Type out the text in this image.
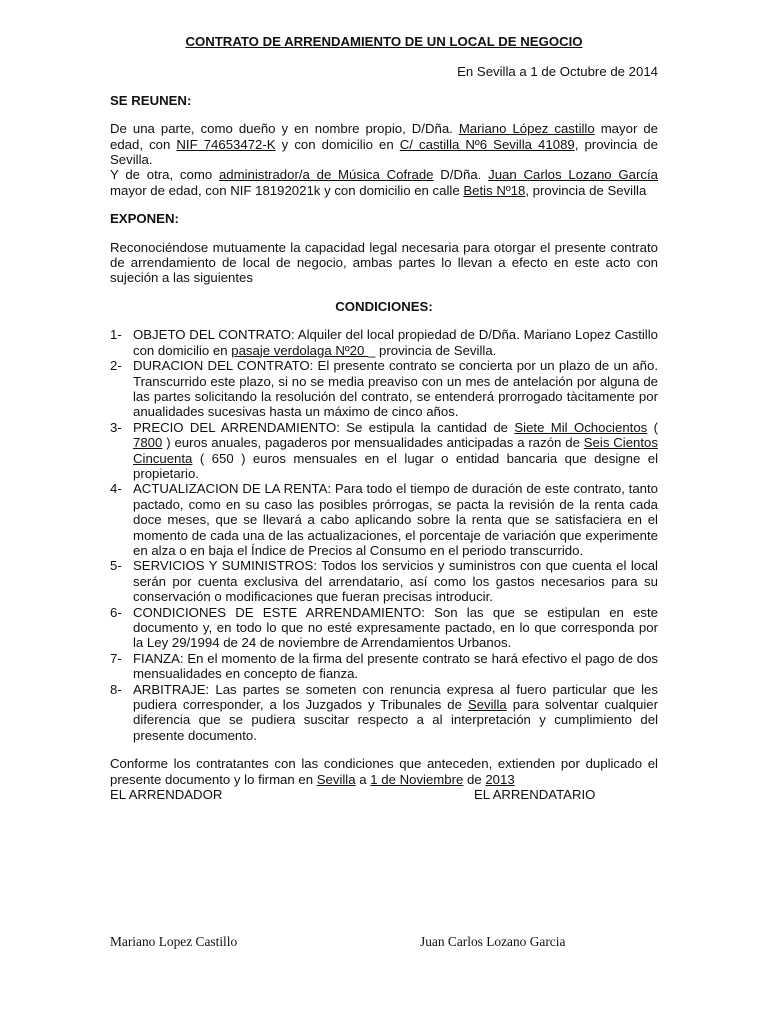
CONTRATO DE ARRENDAMIENTO DE UN LOCAL DE NEGOCIO

En Sevilla a 1 de Octubre de 2014

SE REUNEN:

De una parte, como dueño y en nombre propio, D/Dña. Mariano López castillo mayor de edad, con NIF 74653472-K y con domicilio en C/ castilla Nº6 Sevilla 41089, provincia de Sevilla.

Y de otra, como administrador/a de Música Cofrade D/Dña. Juan Carlos Lozano García mayor de edad, con NIF 18192021k y con domicilio en calle Betis Nº18, provincia de Sevilla

EXPONEN:

Reconociéndose mutuamente la capacidad legal necesaria para otorgar el presente contrato de arrendamiento de local de negocio, ambas partes lo llevan a efecto en este acto con sujeción a las siguientes

CONDICIONES:

1- OBJETO DEL CONTRATO: Alquiler del local propiedad de D/Dña. Mariano Lopez Castillo con domicilio en pasaje verdolaga Nº20 _ provincia de Sevilla.
2- DURACION DEL CONTRATO: El presente contrato se concierta por un plazo de un año. Transcurrido este plazo, si no se media preaviso con un mes de antelación por alguna de las partes solicitando la resolución del contrato, se entenderá prorrogado tàcitamente por anualidades sucesivas hasta un máximo de cinco años.
3- PRECIO DEL ARRENDAMIENTO: Se estipula la cantidad de Siete Mil Ochocientos ( 7800 ) euros anuales, pagaderos por mensualidades anticipadas a razón de Seis Cientos Cincuenta ( 650 ) euros mensuales en el lugar o entidad bancaria que designe el propietario.
4- ACTUALIZACION DE LA RENTA: Para todo el tiempo de duración de este contrato, tanto pactado, como en su caso las posibles prórrogas, se pacta la revisión de la renta cada doce meses, que se llevará a cabo aplicando sobre la renta que se satisfaciera en el momento de cada una de las actualizaciones, el porcentaje de variación que experimente en alza o en baja el Índice de Precios al Consumo en el periodo transcurrido.
5- SERVICIOS Y SUMINISTROS: Todos los servicios y suministros con que cuenta el local serán por cuenta exclusiva del arrendatario, así como los gastos necesarios para su conservación o modificaciones que fueran precisas introducir.
6- CONDICIONES DE ESTE ARRENDAMIENTO: Son las que se estipulan en este documento y, en todo lo que no esté expresamente pactado, en lo que corresponda por la Ley 29/1994 de 24 de noviembre de Arrendamientos Urbanos.
7- FIANZA: En el momento de la firma del presente contrato se hará efectivo el pago de dos mensualidades en concepto de fianza.
8- ARBITRAJE: Las partes se someten con renuncia expresa al fuero particular que les pudiera corresponder, a los Juzgados y Tribunales de Sevilla para solventar cualquier diferencia que se pudiera suscitar respecto a al interpretación y cumplimiento del presente documento.

Conforme los contratantes con las condiciones que anteceden, extienden por duplicado el presente documento y lo firman en Sevilla a 1 de Noviembre de 2013

EL ARRENDADOR	EL ARRENDATARIO
Mariano Lopez Castillo	Juan Carlos Lozano Garcia
